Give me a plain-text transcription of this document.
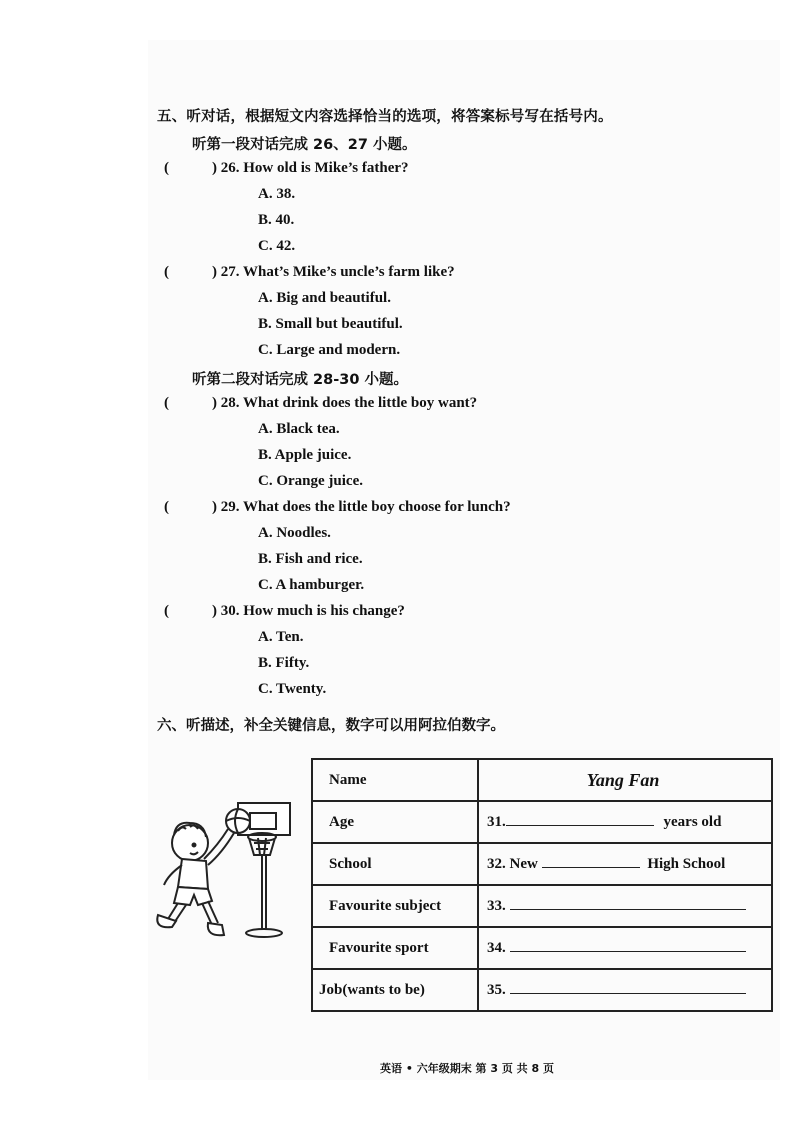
五、听对话，根据短文内容选择恰当的选项，将答案标号写在括号内。
听第一段对话完成 26、27 小题。
(	) 26. How old is Mike’s father?
A. 38.
B. 40.
C. 42.
(	) 27. What’s Mike’s uncle’s farm like?
A. Big and beautiful.
B. Small but beautiful.
C. Large and modern.
听第二段对话完成 28-30 小题。
(	) 28. What drink does the little boy want?
A. Black tea.
B. Apple juice.
C. Orange juice.
(	) 29. What does the little boy choose for lunch?
A. Noodles.
B. Fish and rice.
C. A hamburger.
(	) 30. How much is his change?
A. Ten.
B. Fifty.
C. Twenty.
六、听描述，补全关键信息，数字可以用阿拉伯数字。
Name	Yang Fan

Age	31. years old
School	32. New High School
Favourite subject	33.
Favourite sport	34.
Job(wants to be)	35.
英语 • 六年级期末 第 3 页 共 8 页
